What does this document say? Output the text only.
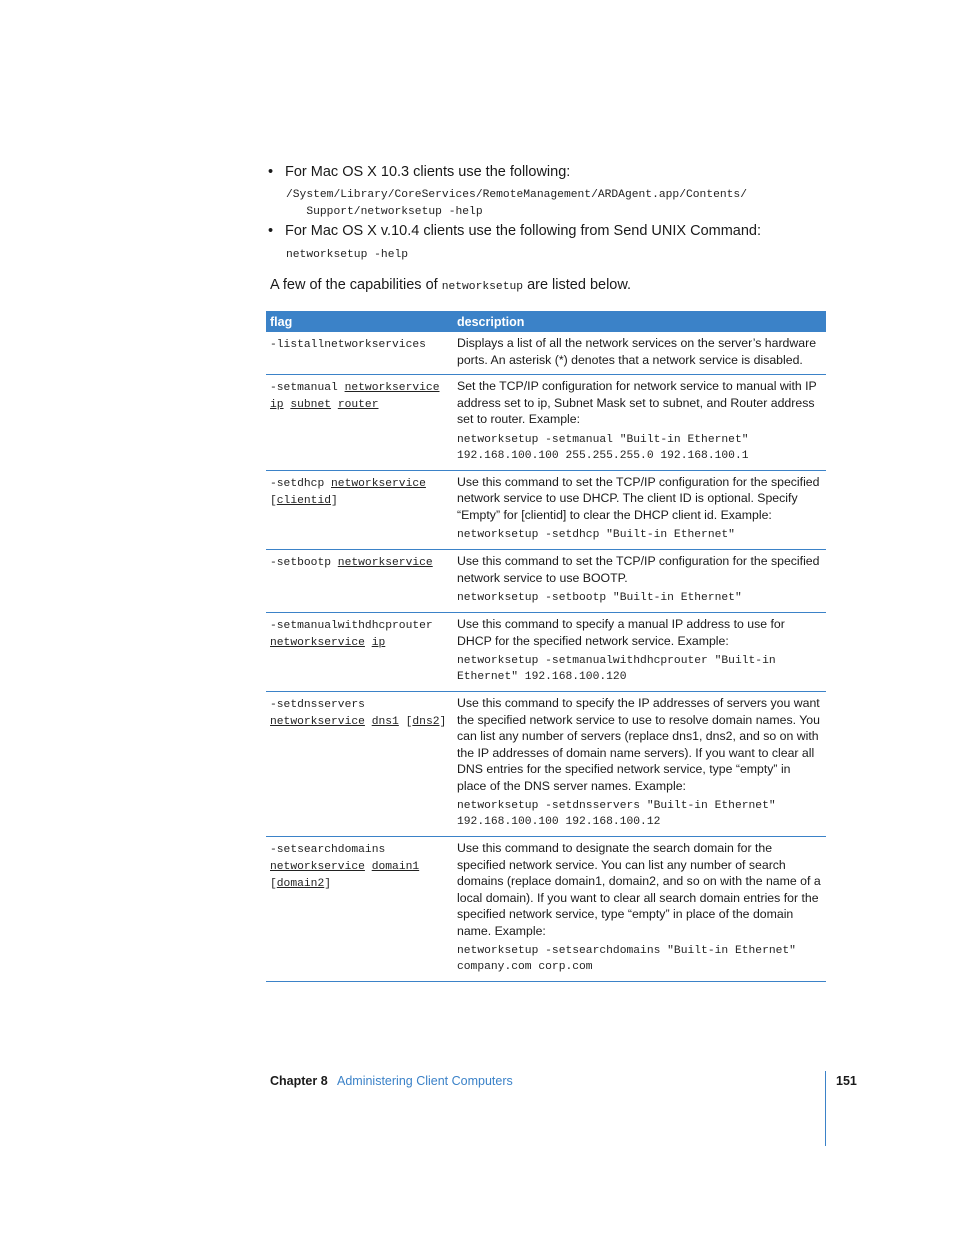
• For Mac OS X 10.3 clients use the following:
/System/Library/CoreServices/RemoteManagement/ARDAgent.app/Contents/
Support/networksetup -help
• For Mac OS X v.10.4 clients use the following from Send UNIX Command:
networksetup -help
A few of the capabilities of networksetup are listed below.
flag	description
-listallnetworkservices	Displays a list of all the network services on the server’s hardware ports. An asterisk (*) denotes that a network service is disabled.

-setmanual networkservice ip subnet router	Set the TCP/IP configuration for network service to manual with IP address set to ip, Subnet Mask set to subnet, and Router address set to router. Example:
networksetup -setmanual "Built-in Ethernet" 192.168.100.100 255.255.255.0 192.168.100.1

-setdhcp networkservice [clientid]	Use this command to set the TCP/IP configuration for the specified network service to use DHCP. The client ID is optional. Specify “Empty” for [clientid] to clear the DHCP client id. Example:
networksetup -setdhcp "Built-in Ethernet"

-setbootp networkservice	Use this command to set the TCP/IP configuration for the specified network service to use BOOTP.
networksetup -setbootp "Built-in Ethernet"

-setmanualwithdhcprouter networkservice ip	Use this command to specify a manual IP address to use for DHCP for the specified network service. Example:
networksetup -setmanualwithdhcprouter "Built-in Ethernet" 192.168.100.120

-setdnsservers networkservice dns1 [dns2]	Use this command to specify the IP addresses of servers you want the specified network service to use to resolve domain names. You can list any number of servers (replace dns1, dns2, and so on with the IP addresses of domain name servers). If you want to clear all DNS entries for the specified network service, type “empty” in place of the DNS server names. Example:
networksetup -setdnsservers "Built-in Ethernet" 192.168.100.100 192.168.100.12

-setsearchdomains networkservice domain1 [domain2]	Use this command to designate the search domain for the specified network service. You can list any number of search domains (replace domain1, domain2, and so on with the name of a local domain). If you want to clear all search domain entries for the specified network service, type “empty” in place of the domain name. Example:
networksetup -setsearchdomains "Built-in Ethernet" company.com corp.com
Chapter 8 Administering Client Computers	151
